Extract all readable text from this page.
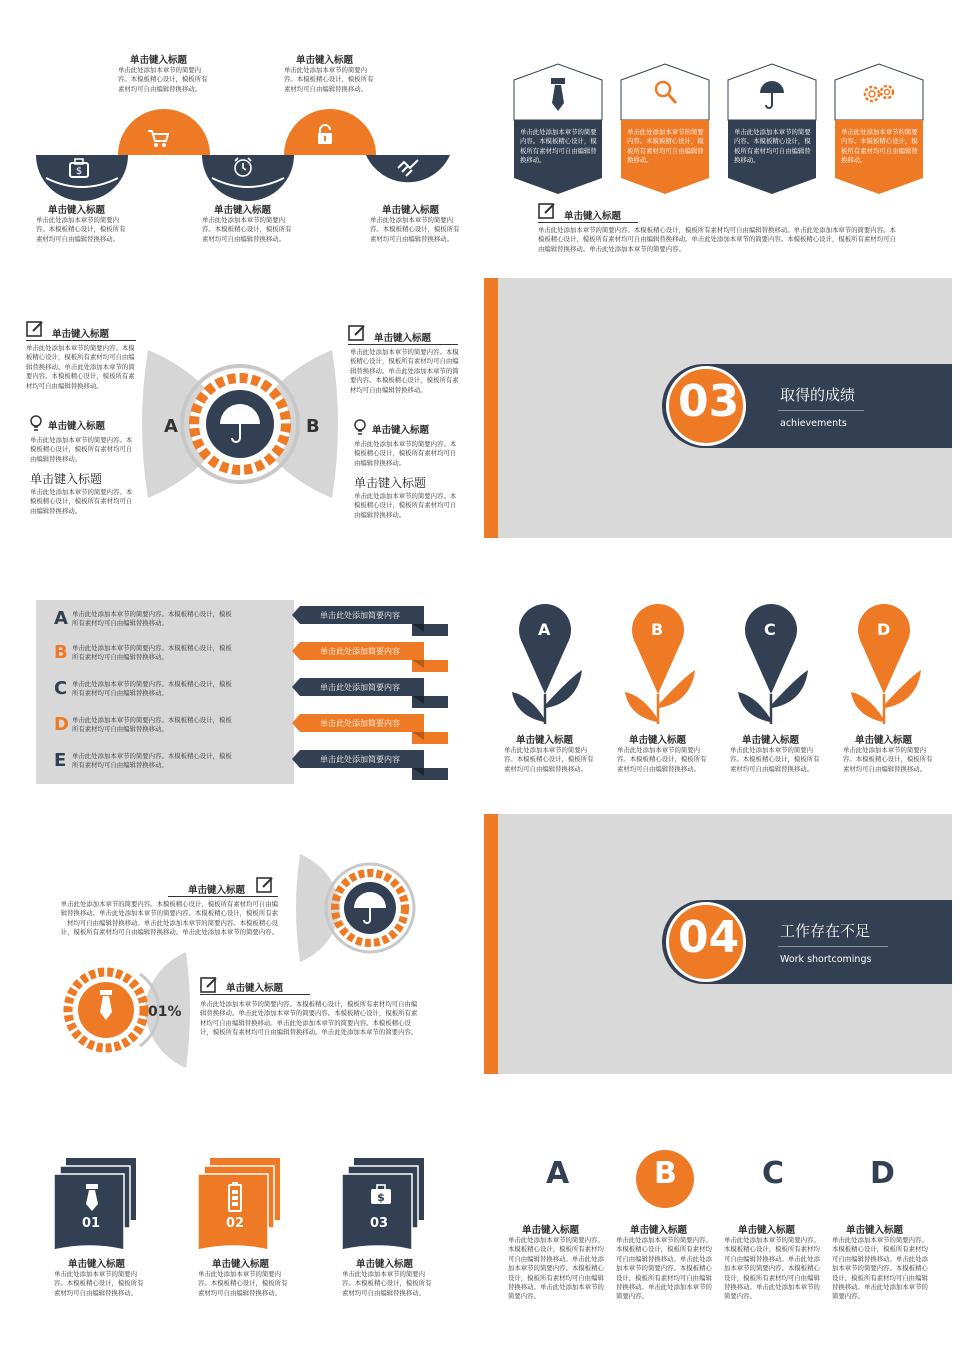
$
单击键入标题
单击此处添加本章节的简要内容。本模板精心设计，模板所有素材均可自由编辑替换移动。
单击键入标题
单击此处添加本章节的简要内容。本模板精心设计，模板所有素材均可自由编辑替换移动。
单击键入标题
单击此处添加本章节的简要内容。本模板精心设计，模板所有素材均可自由编辑替换移动。
单击键入标题
单击此处添加本章节的简要内容。本模板精心设计，模板所有素材均可自由编辑替换移动。
单击键入标题
单击此处添加本章节的简要内容。本模板精心设计，模板所有素材均可自由编辑替换移动。
单击此处添加本章节的简要内容。本模板精心设计，模板所有素材均可自由编辑替换移动。
单击此处添加本章节的简要内容。本模板精心设计，模板所有素材均可自由编辑替换移动。
单击此处添加本章节的简要内容。本模板精心设计，模板所有素材均可自由编辑替换移动。
单击此处添加本章节的简要内容。本模板精心设计，模板所有素材均可自由编辑替换移动。
单击键入标题
单击此处添加本章节的简要内容。本模板精心设计，模板所有素材均可自由编辑替换移动。单击此处添加本章节的简要内容。本模板精心设计，模板所有素材均可自由编辑替换移动。单击此处添加本章节的简要内容。本模板精心设计，模板所有素材均可自由编辑替换移动。单击此处添加本章节的简要内容。
单击键入标题
单击此处添加本章节的简要内容。本模板精心设计，模板所有素材均可自由编辑替换移动。单击此处添加本章节的简要内容。本模板精心设计，模板所有素材均可自由编辑替换移动。
单击键入标题
单击此处添加本章节的简要内容。本模板精心设计，模板所有素材均可自由编辑替换移动。
单击键入标题
单击此处添加本章节的简要内容。本模板精心设计，模板所有素材均可自由编辑替换移动。
A	B
单击键入标题
单击此处添加本章节的简要内容。本模板精心设计，模板所有素材均可自由编辑替换移动。单击此处添加本章节的简要内容。本模板精心设计，模板所有素材均可自由编辑替换移动。
单击键入标题
单击此处添加本章节的简要内容。本模板精心设计，模板所有素材均可自由编辑替换移动。
单击键入标题
单击此处添加本章节的简要内容。本模板精心设计，模板所有素材均可自由编辑替换移动。
03	取得的成绩
achievements
A 单击此处添加本章节的简要内容。本模板精心设计，模板所有素材均可自由编辑替换移动。
单击此处添加本章节的简要内容。本模板精心设计，模板所有素材均可自由编辑替换移动。
B
C 单击此处添加本章节的简要内容。本模板精心设计，模板所有素材均可自由编辑替换移动。
D 单击此处添加本章节的简要内容。本模板精心设计，模板所有素材均可自由编辑替换移动。
E 单击此处添加本章节的简要内容。本模板精心设计，模板所有素材均可自由编辑替换移动。
单击此处添加简要内容
单击此处添加简要内容
单击此处添加简要内容
单击此处添加简要内容
单击此处添加简要内容
A	B	C	D
单击键入标题
单击此处添加本章节的简要内容。本模板精心设计，模板所有素材均可自由编辑替换移动。
单击键入标题
单击此处添加本章节的简要内容。本模板精心设计，模板所有素材均可自由编辑替换移动。
单击键入标题
单击此处添加本章节的简要内容。本模板精心设计，模板所有素材均可自由编辑替换移动。
单击键入标题
单击此处添加本章节的简要内容。本模板精心设计，模板所有素材均可自由编辑替换移动。
单击键入标题
单击此处添加本章节的简要内容。本模板精心设计，模板所有素材均可自由编辑替换移动。单击此处添加本章节的简要内容。本模板精心设计，模板所有素材均可自由编辑替换移动。单击此处添加本章节的简要内容。本模板精心设计，模板所有素材均可自由编辑替换移动。单击此处添加本章节的简要内容。
01%
单击键入标题
单击此处添加本章节的简要内容。本模板精心设计，模板所有素材均可自由编辑替换移动。单击此处添加本章节的简要内容。本模板精心设计，模板所有素材均可自由编辑替换移动。单击此处添加本章节的简要内容。本模板精心设计，模板所有素材均可自由编辑替换移动。单击此处添加本章节的简要内容。
04	工作存在不足
Work shortcomings
$
01	02	03
单击键入标题
单击此处添加本章节的简要内容。本模板精心设计，模板所有素材均可自由编辑替换移动。
单击键入标题
单击此处添加本章节的简要内容。本模板精心设计，模板所有素材均可自由编辑替换移动。
单击键入标题
单击此处添加本章节的简要内容。本模板精心设计，模板所有素材均可自由编辑替换移动。
A	B	C	D
单击键入标题
单击此处添加本章节的简要内容。本模板精心设计，模板所有素材均可自由编辑替换移动。单击此处添加本章节的简要内容。本模板精心设计，模板所有素材均可自由编辑替换移动。单击此处添加本章节的简要内容。
单击键入标题
单击此处添加本章节的简要内容。本模板精心设计，模板所有素材均可自由编辑替换移动。单击此处添加本章节的简要内容。本模板精心设计，模板所有素材均可自由编辑替换移动。单击此处添加本章节的简要内容。
单击键入标题
单击此处添加本章节的简要内容。本模板精心设计，模板所有素材均可自由编辑替换移动。单击此处添加本章节的简要内容。本模板精心设计，模板所有素材均可自由编辑替换移动。单击此处添加本章节的简要内容。
单击键入标题
单击此处添加本章节的简要内容。本模板精心设计，模板所有素材均可自由编辑替换移动。单击此处添加本章节的简要内容。本模板精心设计，模板所有素材均可自由编辑替换移动。单击此处添加本章节的简要内容。
